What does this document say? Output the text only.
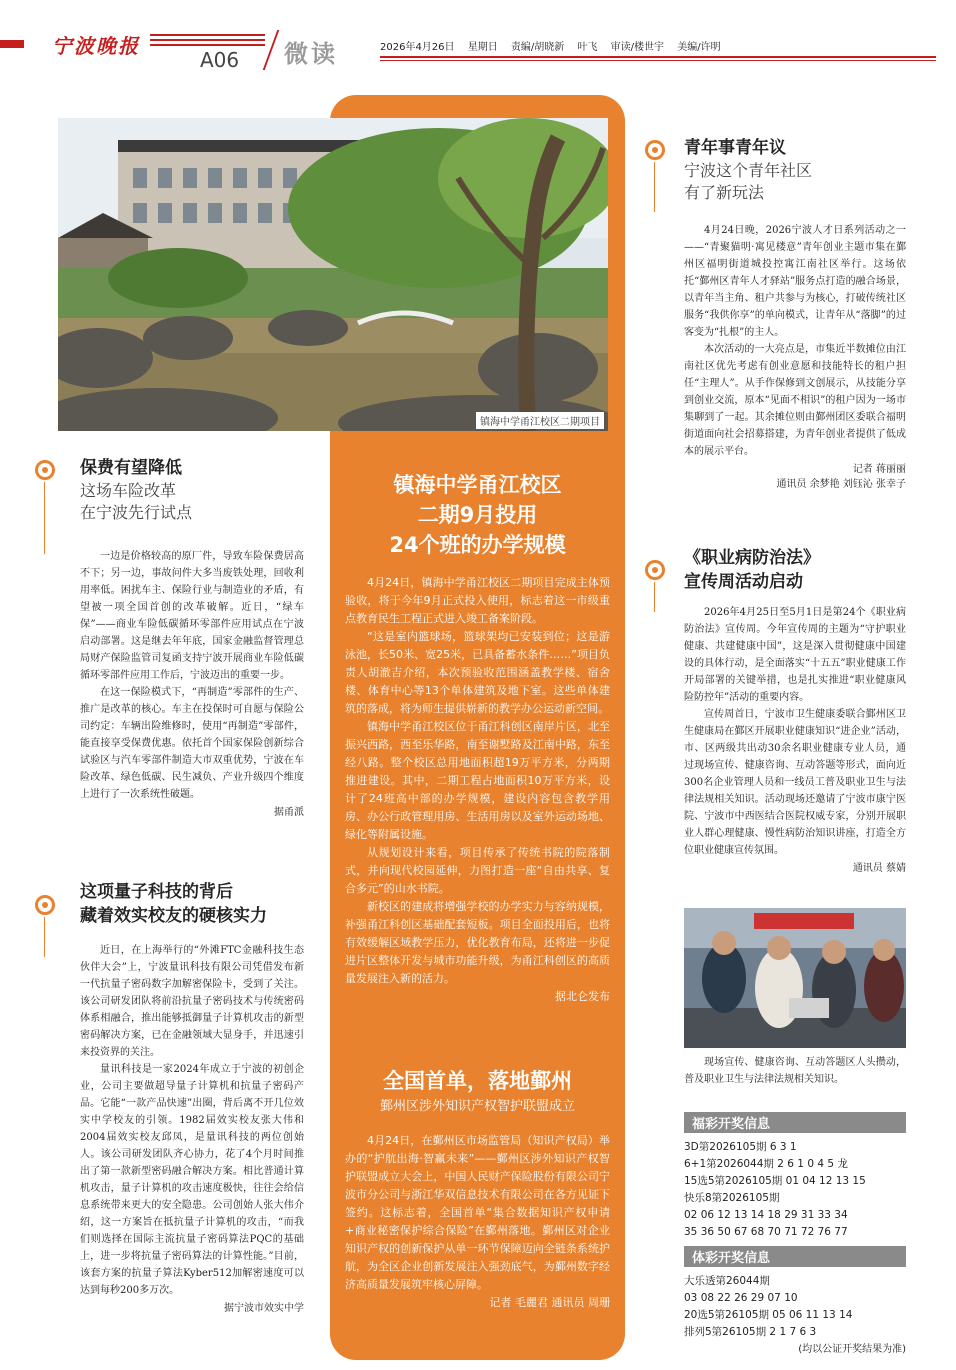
宁波晚报
A06 微读	2026年4月26日 星期日 责编/胡晓新 叶飞 审读/楼世宇 美编/许明
镇海中学甬江校区二期项目
镇海中学甬江校区
二期9月投用
24个班的办学规模

4月24日，镇海中学甬江校区二期项目完成主体预验收，将于今年9月正式投入使用，标志着这一市级重点教育民生工程正式进入竣工备案阶段。

“这是室内篮球场，篮球架均已安装到位；这是游泳池，长50米、宽25米，已具备蓄水条件……”项目负责人胡澈吉介绍，本次预验收范围涵盖教学楼、宿舍楼、体育中心等13个单体建筑及地下室。这些单体建筑的落成，将为师生提供崭新的教学办公运动新空间。

镇海中学甬江校区位于甬江科创区南岸片区，北至振兴西路，西至乐华路，南至谢墅路及江南中路，东至经八路。整个校区总用地面积超19万平方米，分两期推进建设。其中，二期工程占地面积10万平方米，设计了24班高中部的办学规模，建设内容包含教学用房、办公行政管理用房、生活用房以及室外运动场地、绿化等附属设施。

从规划设计来看，项目传承了传统书院的院落制式，并向现代校园延伸，力图打造一座“自由共享、复合多元”的山水书院。

新校区的建成将增强学校的办学实力与容纳规模，补强甬江科创区基础配套短板。项目全面投用后，也将有效缓解区域教学压力，优化教育布局，还将进一步促进片区整体开发与城市功能升级，为甬江科创区的高质量发展注入新的活力。

据北仑发布
全国首单，落地鄞州
鄞州区涉外知识产权智护联盟成立

4月24日，在鄞州区市场监管局（知识产权局）举办的“护航出海·智赢未来”——鄞州区涉外知识产权智护联盟成立大会上，中国人民财产保险股份有限公司宁波市分公司与浙江华双信息技术有限公司在各方见证下签约。这标志着，全国首单“集合数据知识产权申请+商业秘密保护综合保险”在鄞州落地。鄞州区对企业知识产权的创新保护从单一环节保障迈向全链条系统护航，为全区企业创新发展注入强劲底气，为鄞州数字经济高质量发展筑牢核心屏障。

记者 毛麗君 通讯员 周珊
保费有望降低
这场车险改革
在宁波先行试点

一边是价格较高的原厂件，导致车险保费居高不下；另一边，事故问件大多当废铁处理，回收利用率低。困扰车主、保险行业与制造业的矛盾，有望被一项全国首创的改革破解。近日，“绿车保”——商业车险低碳循环零部件应用试点在宁波启动部署。这是继去年年底，国家金融监督管理总局财产保险监管司复函支持宁波开展商业车险低碳循环零部件应用工作后，宁波迈出的重要一步。

在这一保险模式下，“再制造”零部件的生产、推广是改革的核心。车主在投保时可自愿与保险公司约定：车辆出险维修时，使用“再制造”零部件，能直接享受保费优惠。依托首个国家保险创新综合试验区与汽车零部件制造大市双重优势，宁波在车险改革、绿色低碳、民生减负、产业升级四个维度上进行了一次系统性破题。

据甬派
这项量子科技的背后
藏着效实校友的硬核实力

近日，在上海举行的“外滩FTC金融科技生态伙伴大会”上，宁波量讯科技有限公司凭借发布新一代抗量子密码数字加解密保险卡，受到了关注。该公司研发团队将前沿抗量子密码技术与传统密码体系相融合，推出能够抵御量子计算机攻击的新型密码解决方案，已在金融领域大显身手，并迅速引来投资界的关注。

量讯科技是一家2024年成立于宁波的初创企业，公司主要做超导量子计算机和抗量子密码产品。它能“一款产品快速”出圈，背后离不开几位效实中学校友的引领。1982届效实校友张大伟和2004届效实校友邱凤，是量讯科技的两位创始人。该公司研发团队齐心协力，花了4个月时间推出了第一款新型密码融合解决方案。相比普通计算机攻击，量子计算机的攻击速度极快，往往会给信息系统带来更大的安全隐患。公司创始人张大伟介绍，这一方案旨在抵抗量子计算机的攻击，“而我们则选择在国际主流抗量子密码算法PQC的基础上，进一步将抗量子密码算法的计算性能。”目前，该套方案的抗量子算法Kyber512加解密速度可以达到每秒200多万次。

据宁波市效实中学
青年事青年议
宁波这个青年社区
有了新玩法

4月24日晚，2026宁波人才日系列活动之一——“青聚猫明·寓见楼意”青年创业主题市集在鄞州区福明街道城投控寓江南社区举行。这场依托“鄞州区青年人才驿站”服务点打造的融合场景，以青年当主角、租户共参与为核心，打破传统社区服务“我供你享”的单向模式，让青年从“落脚”的过客变为“扎根”的主人。

本次活动的一大亮点是，市集近半数摊位由江南社区优先考虑有创业意愿和技能特长的租户担任“主理人”。从手作保修到文创展示，从技能分享到创业交流，原本“见面不相识”的租户因为一场市集聊到了一起。其余摊位则由鄞州团区委联合福明街道面向社会招募搭建，为青年创业者提供了低成本的展示平台。

记者 蒋丽丽
通讯员 余梦艳 刘钰沁 张幸子
《职业病防治法》
宣传周活动启动

2026年4月25日至5月1日是第24个《职业病防治法》宣传周。今年宣传周的主题为“守护职业健康、共建健康中国”，这是深入贯彻健康中国建设的具体行动，是全面落实“十五五”职业健康工作开局部署的关键举措，也是扎实推进“职业健康风险防控年”活动的重要内容。

宣传周首日，宁波市卫生健康委联合鄞州区卫生健康局在鄞区开展职业健康知识“进企业”活动，市、区两级共出动30余名职业健康专业人员，通过现场宣传、健康咨询、互动答题等形式，面向近300名企业管理人员和一线员工普及职业卫生与法律法规相关知识。活动现场还邀请了宁波市康宁医院、宁波市中西医结合医院权威专家，分别开展职业人群心理健康、慢性病防治知识讲座，打造全方位职业健康宣传氛围。

通讯员 蔡婧

现场宣传、健康咨询、互动答题区人头攒动，普及职业卫生与法律法规相关知识。

福彩开奖信息
3D第2026105期 6 3 1
6+1第2026044期 2 6 1 0 4 5 龙
15选5第2026105期 01 04 12 13 15
快乐8第2026105期
02 06 12 13 14 18 29 31 33 34
35 36 50 67 68 70 71 72 76 77
体彩开奖信息
大乐透第26044期
03 08 22 26 29 07 10
20选5第26105期 05 06 11 13 14
排列5第26105期 2 1 7 6 3
(均以公证开奖结果为准)
